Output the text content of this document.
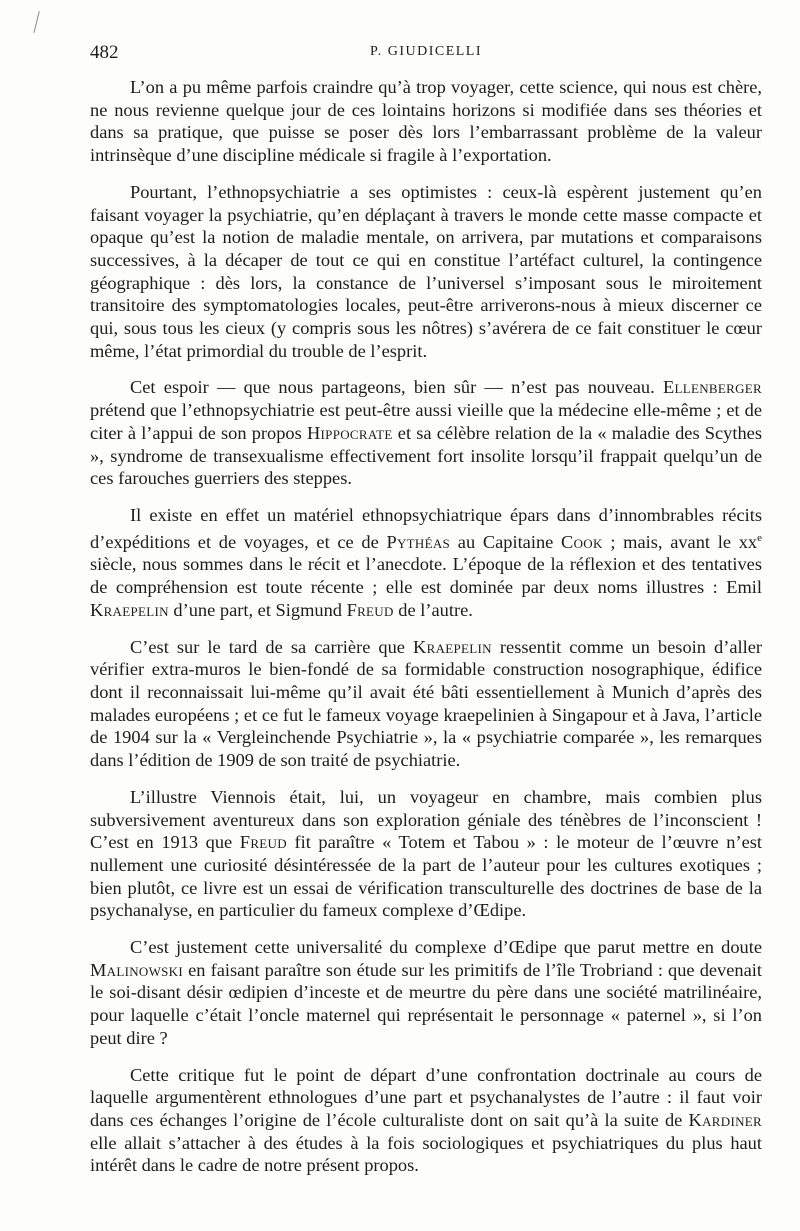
482	P. GIUDICELLI

L’on a pu même parfois craindre qu’à trop voyager, cette science, qui nous est chère, ne nous revienne quelque jour de ces lointains horizons si modifiée dans ses théories et dans sa pratique, que puisse se poser dès lors l’embarrassant problème de la valeur intrinsèque d’une discipline médicale si fragile à l’exportation.

Pourtant, l’ethnopsychiatrie a ses optimistes : ceux-là espèrent justement qu’en faisant voyager la psychiatrie, qu’en déplaçant à travers le monde cette masse compacte et opaque qu’est la notion de maladie mentale, on arrivera, par mutations et comparaisons successives, à la décaper de tout ce qui en constitue l’artéfact culturel, la contingence géographique : dès lors, la constance de l’universel s’imposant sous le miroitement transitoire des symptomatologies locales, peut-être arriverons-nous à mieux discerner ce qui, sous tous les cieux (y compris sous les nôtres) s’avérera de ce fait constituer le cœur même, l’état primordial du trouble de l’esprit.

Cet espoir — que nous partageons, bien sûr — n’est pas nouveau. Ellenberger prétend que l’ethnopsychiatrie est peut-être aussi vieille que la médecine elle-même ; et de citer à l’appui de son propos Hippocrate et sa célèbre relation de la « maladie des Scythes », syndrome de transexualisme effectivement fort insolite lorsqu’il frappait quelqu’un de ces farouches guerriers des steppes.

Il existe en effet un matériel ethnopsychiatrique épars dans d’innombrables récits d’expéditions et de voyages, et ce de Pythéas au Capitaine Cook ; mais, avant le $xx^e$ siècle, nous sommes dans le récit et l’anecdote. L’époque de la réflexion et des tentatives de compréhension est toute récente ; elle est dominée par deux noms illustres : Emil Kraepelin d’une part, et Sigmund Freud de l’autre.

C’est sur le tard de sa carrière que Kraepelin ressentit comme un besoin d’aller vérifier extra-muros le bien-fondé de sa formidable construction nosographique, édifice dont il reconnaissait lui-même qu’il avait été bâti essentiellement à Munich d’après des malades européens ; et ce fut le fameux voyage kraepelinien à Singapour et à Java, l’article de 1904 sur la « Vergleinchende Psychiatrie », la « psychiatrie comparée », les remarques dans l’édition de 1909 de son traité de psychiatrie.

L’illustre Viennois était, lui, un voyageur en chambre, mais combien plus subversivement aventureux dans son exploration géniale des ténèbres de l’inconscient ! C’est en 1913 que Freud fit paraître « Totem et Tabou » : le moteur de l’œuvre n’est nullement une curiosité désintéressée de la part de l’auteur pour les cultures exotiques ; bien plutôt, ce livre est un essai de vérification transculturelle des doctrines de base de la psychanalyse, en particulier du fameux complexe d’Œdipe.

C’est justement cette universalité du complexe d’Œdipe que parut mettre en doute Malinowski en faisant paraître son étude sur les primitifs de l’île Trobriand : que devenait le soi-disant désir œdipien d’inceste et de meurtre du père dans une société matrilinéaire, pour laquelle c’était l’oncle maternel qui représentait le personnage « paternel », si l’on peut dire ?

Cette critique fut le point de départ d’une confrontation doctrinale au cours de laquelle argumentèrent ethnologues d’une part et psychanalystes de l’autre : il faut voir dans ces échanges l’origine de l’école culturaliste dont on sait qu’à la suite de Kardiner elle allait s’attacher à des études à la fois sociologiques et psychiatriques du plus haut intérêt dans le cadre de notre présent propos.
